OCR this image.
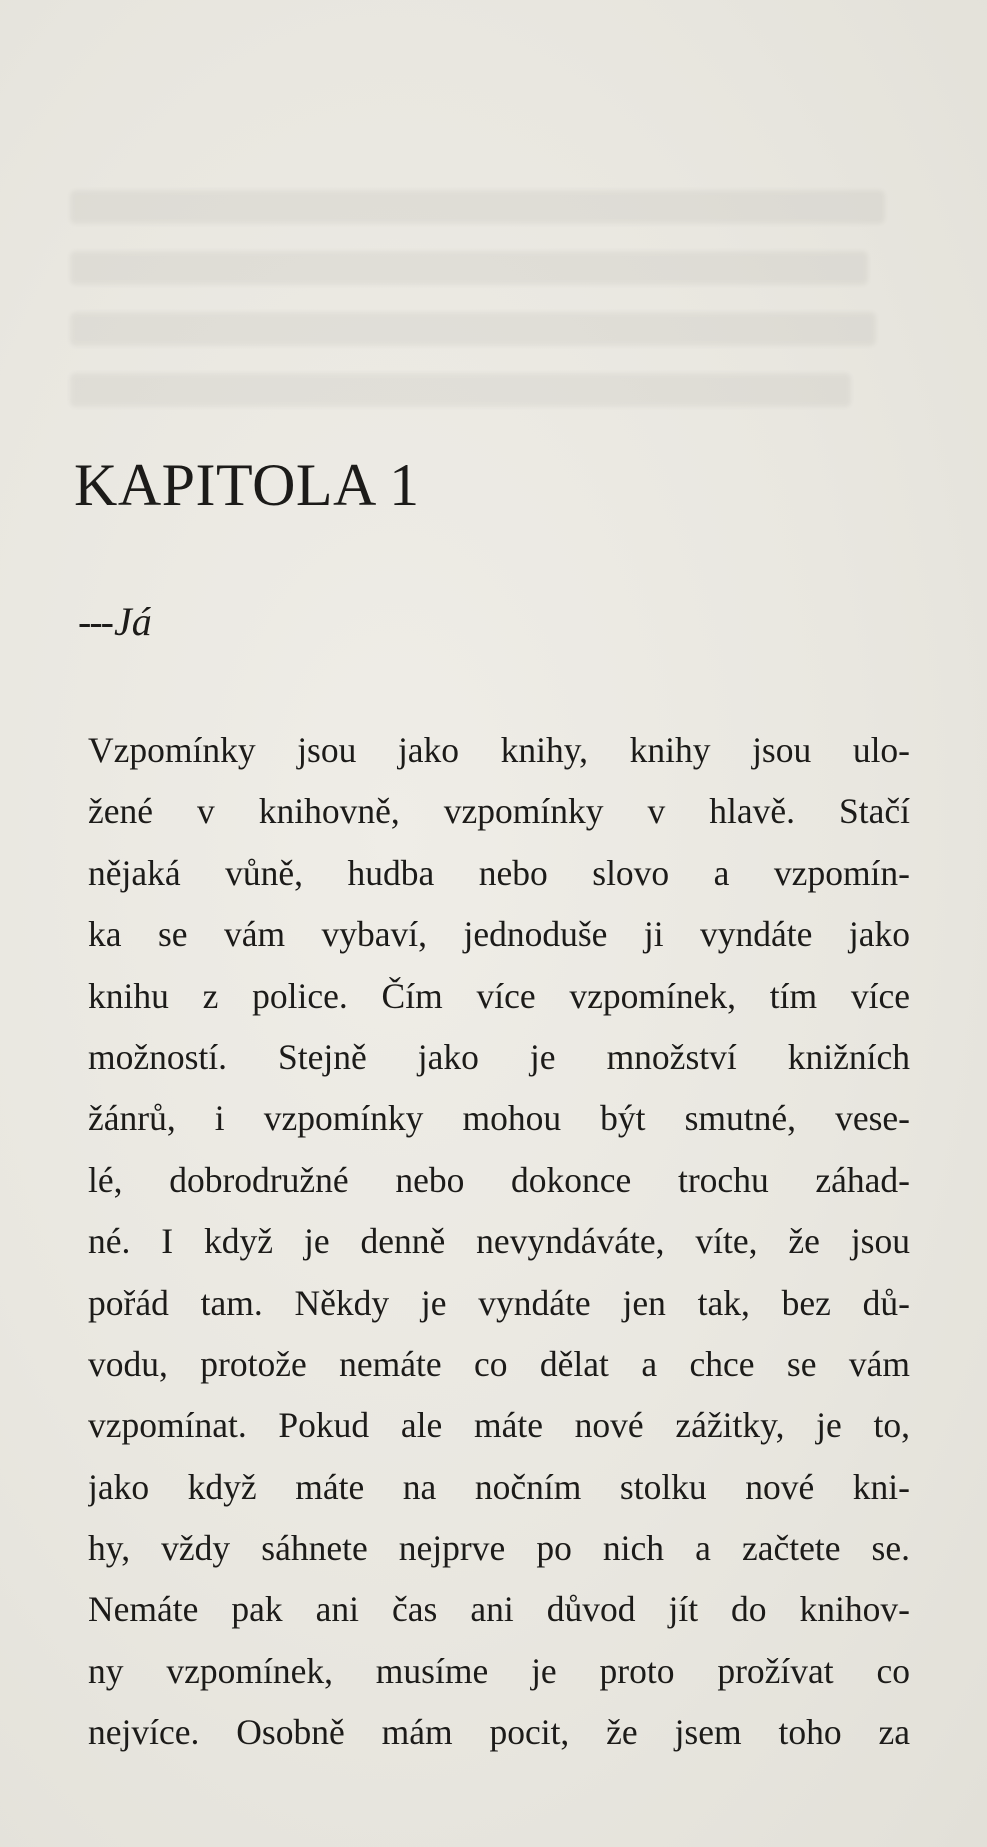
KAPITOLA 1
---Já
Vzpomínky jsou jako knihy, knihy jsou ulo-
žené v knihovně, vzpomínky v hlavě. Stačí
nějaká vůně, hudba nebo slovo a vzpomín-
ka se vám vybaví, jednoduše ji vyndáte jako
knihu z police. Čím více vzpomínek, tím více
možností. Stejně jako je množství knižních
žánrů, i vzpomínky mohou být smutné, vese-
lé, dobrodružné nebo dokonce trochu záhad-
né. I když je denně nevyndáváte, víte, že jsou
pořád tam. Někdy je vyndáte jen tak, bez dů-
vodu, protože nemáte co dělat a chce se vám
vzpomínat. Pokud ale máte nové zážitky, je to,
jako když máte na nočním stolku nové kni-
hy, vždy sáhnete nejprve po nich a začtete se.
Nemáte pak ani čas ani důvod jít do knihov-
ny vzpomínek, musíme je proto prožívat co
nejvíce. Osobně mám pocit, že jsem toho za
